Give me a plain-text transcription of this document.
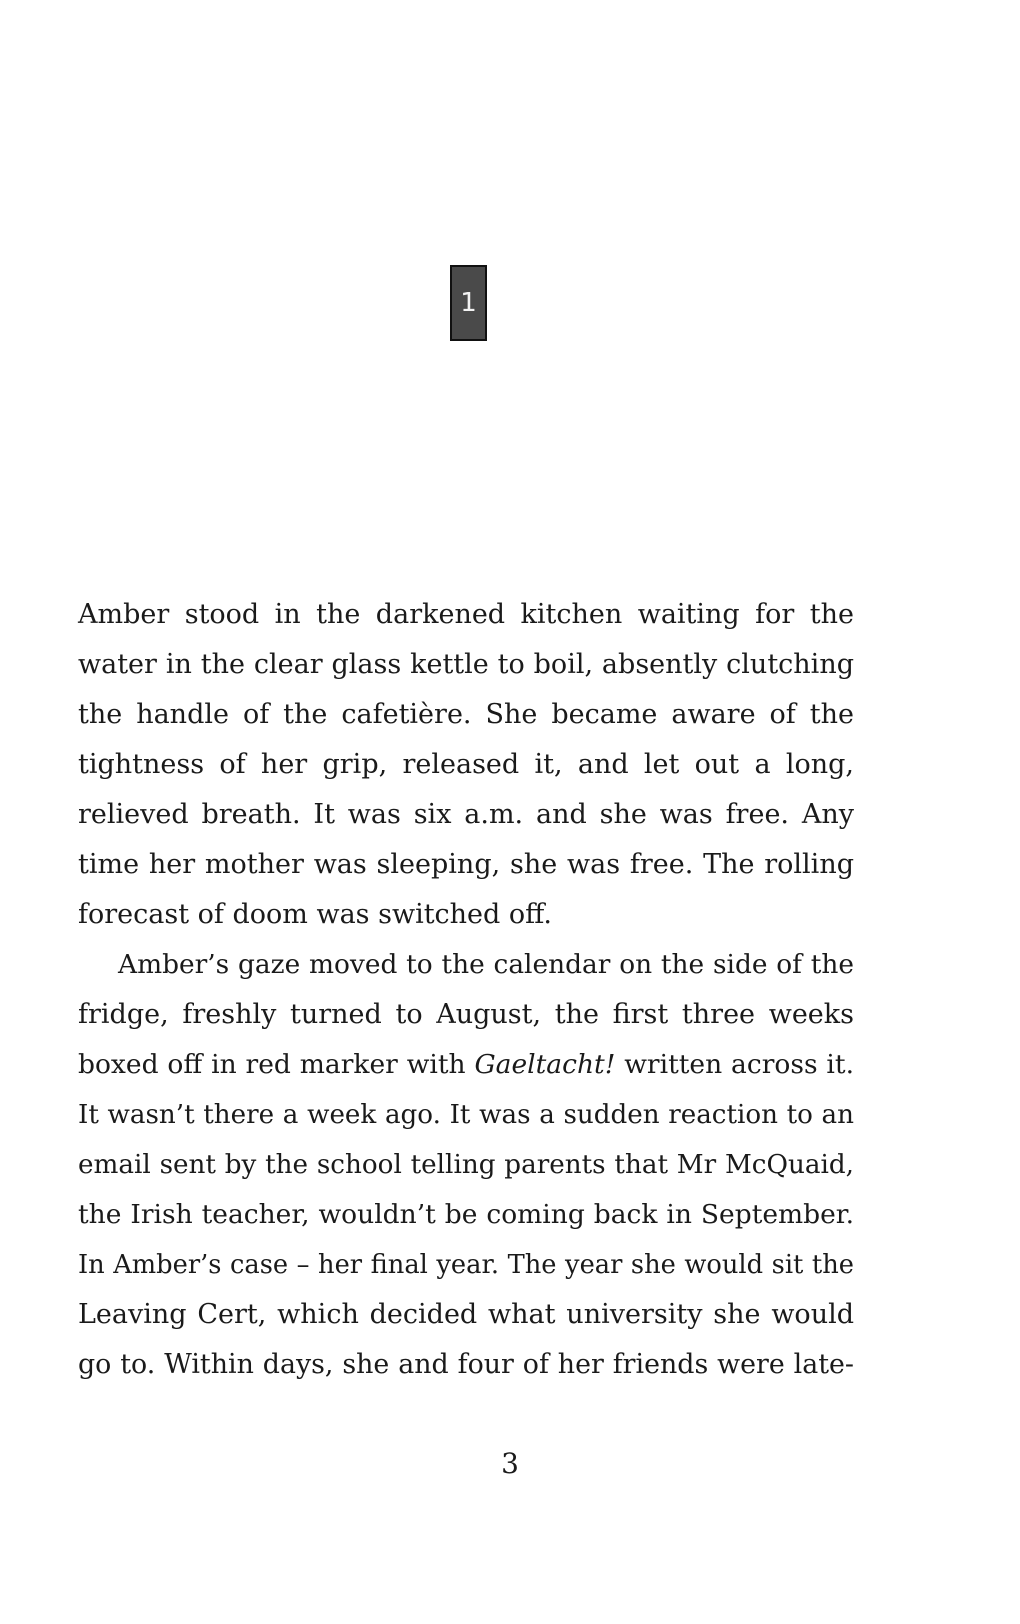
1

Amber stood in the darkened kitchen waiting for the
water in the clear glass kettle to boil, absently clutching
the handle of the cafetière. She became aware of the
tightness of her grip, released it, and let out a long,
relieved breath. It was six a.m. and she was free. Any
time her mother was sleeping, she was free. The rolling
forecast of doom was switched off.

Amber’s gaze moved to the calendar on the side of the
fridge, freshly turned to August, the first three weeks
boxed off in red marker with Gaeltacht! written across it.
It wasn’t there a week ago. It was a sudden reaction to an
email sent by the school telling parents that Mr McQuaid,
the Irish teacher, wouldn’t be coming back in September.
In Amber’s case – her final year. The year she would sit the
Leaving Cert, which decided what university she would
go to. Within days, she and four of her friends were late-

3
